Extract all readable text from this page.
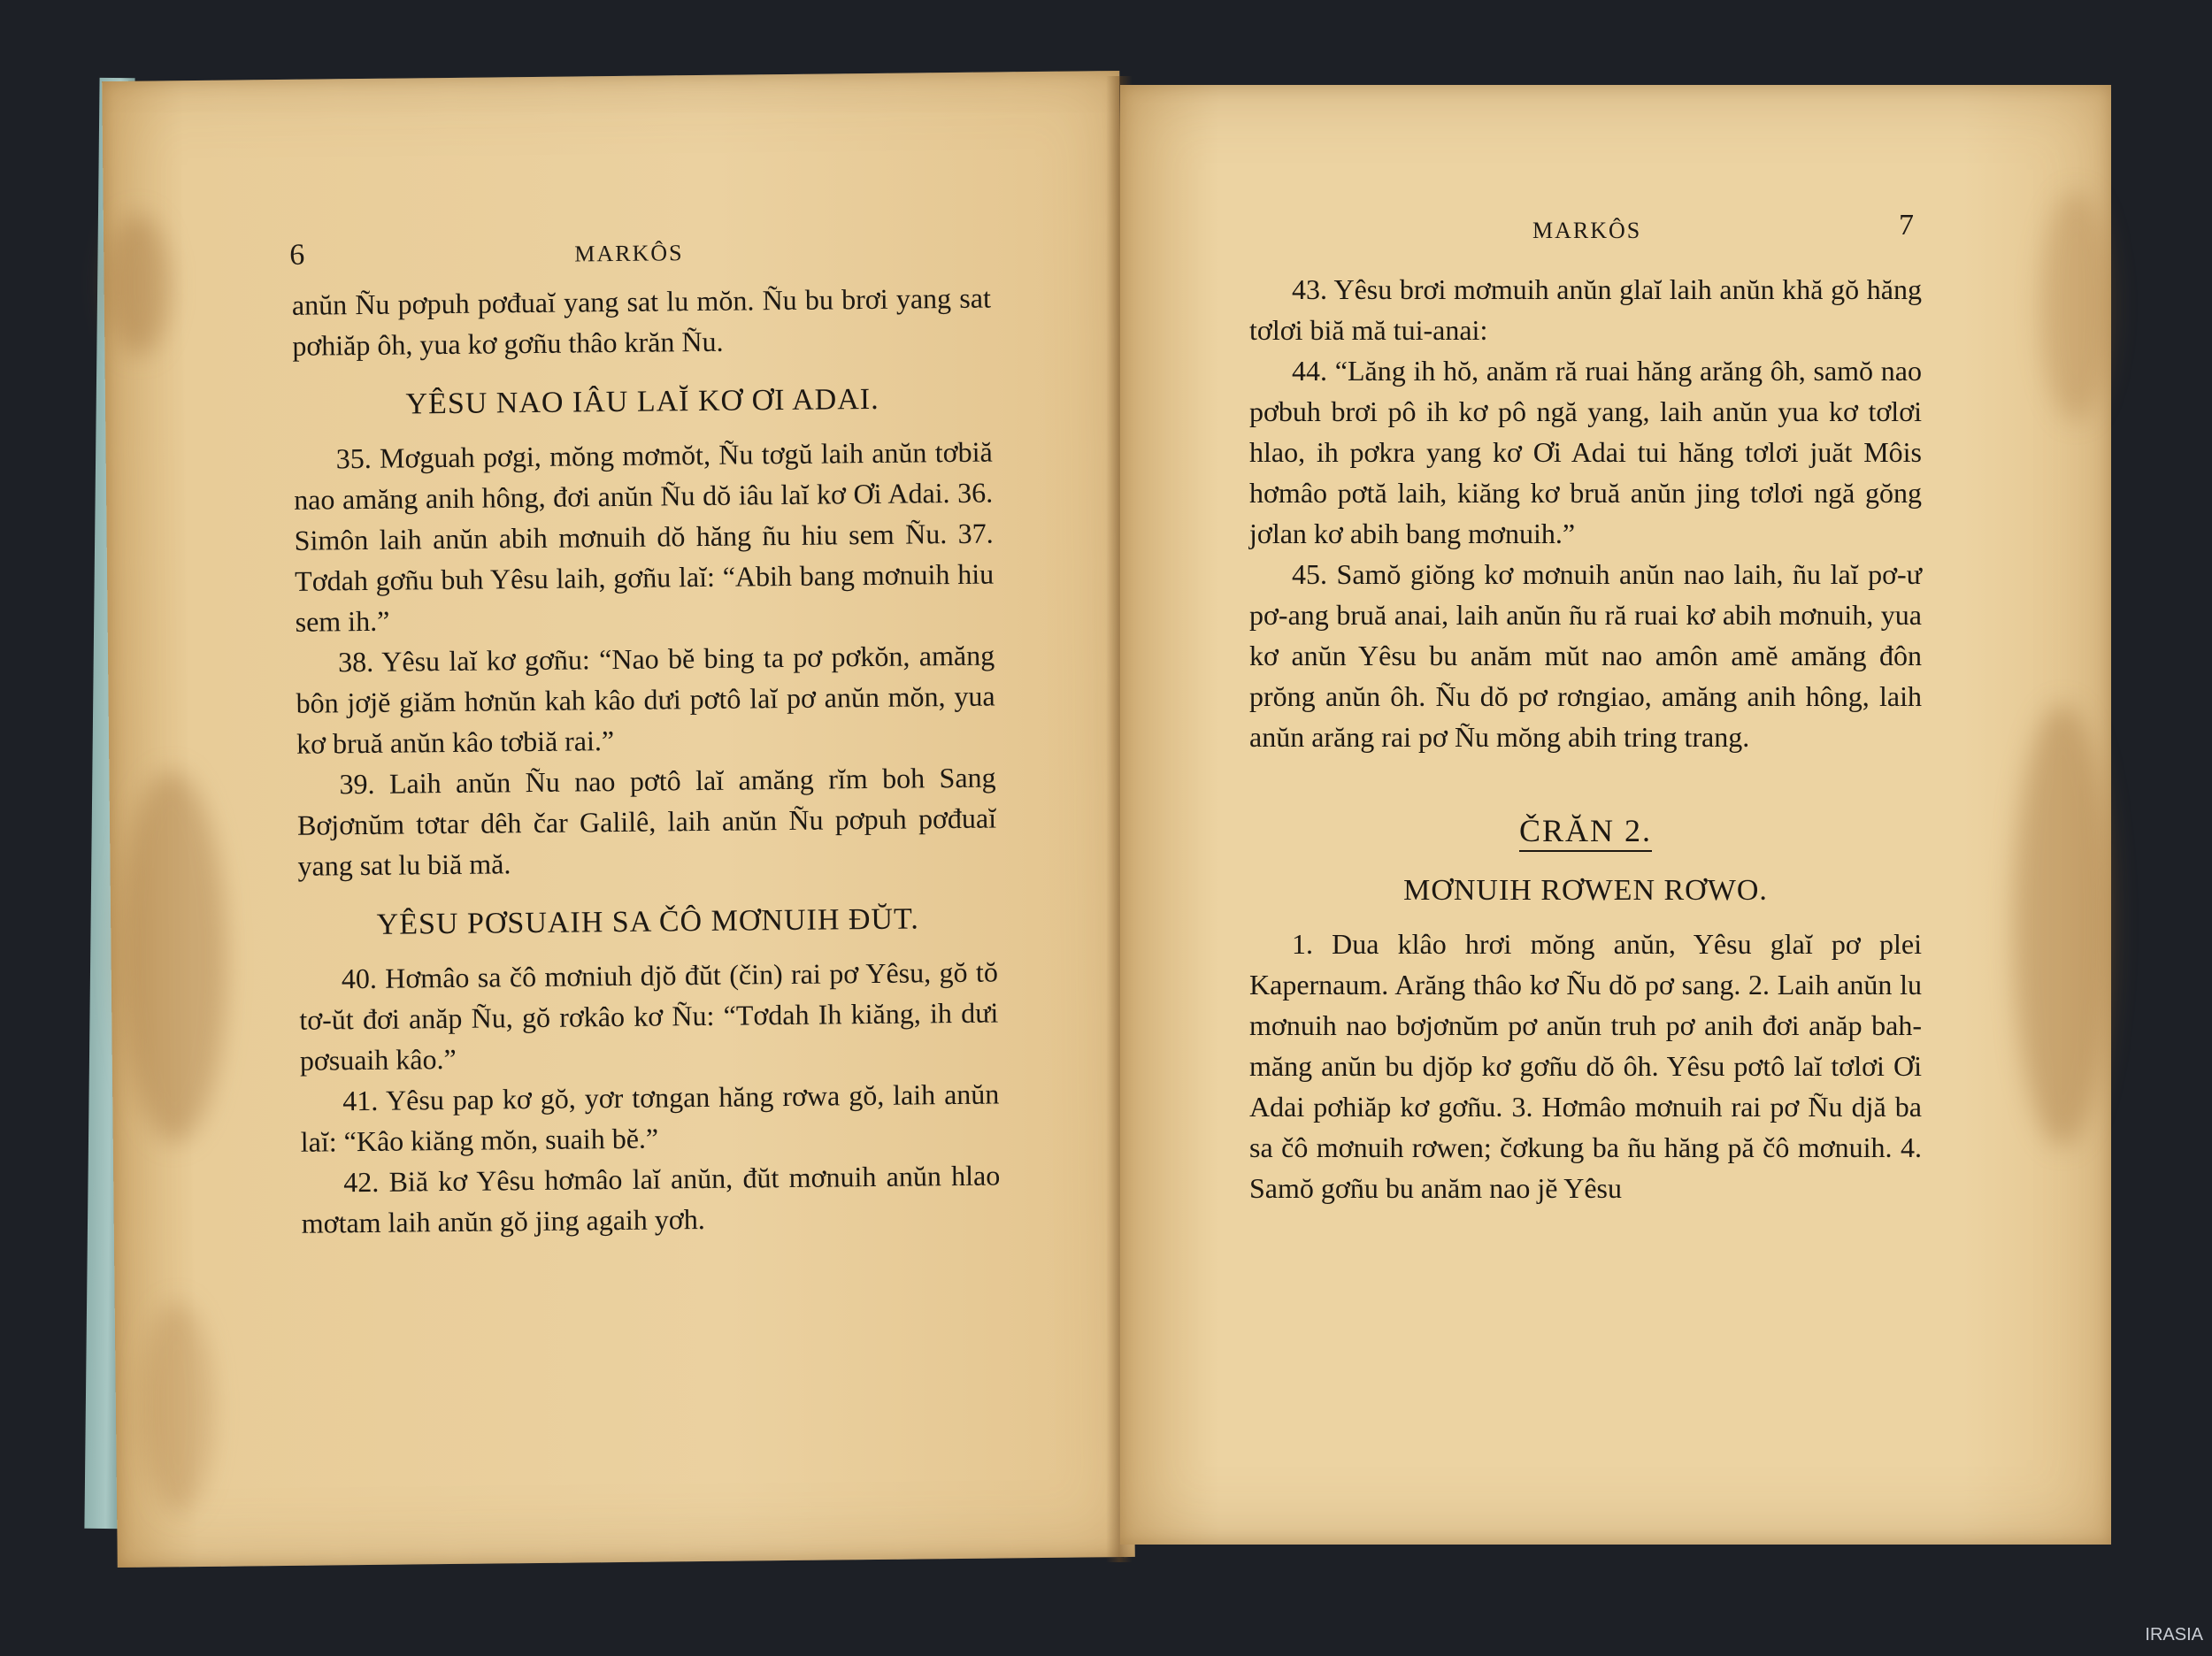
6	MARKÔS

anŭn Ñu pơpuh pơđuaĭ yang sat lu mŏn. Ñu bu brơi yang sat pơhiăp ôh, yua kơ gơñu thâo krăn Ñu.

YÊSU NAO IÂU LAĬ KƠ ƠI ADAI.

35. Mơguah pơgi, mŏng mơmŏt, Ñu tơgŭ laih anŭn tơbiă nao amăng anih hông, đơi anŭn Ñu dŏ iâu laĭ kơ Ơi Adai. 36. Simôn laih anŭn abih mơnuih dŏ hăng ñu hiu sem Ñu. 37. Tơdah gơñu buh Yêsu laih, gơñu laĭ: “Abih bang mơnuih hiu sem ih.”

38. Yêsu laĭ kơ gơñu: “Nao bĕ bing ta pơ pơkŏn, amăng bôn jơjĕ giăm hơnŭn kah kâo dưi pơtô laĭ pơ anŭn mŏn, yua kơ bruă anŭn kâo tơbiă rai.”

39. Laih anŭn Ñu nao pơtô laĭ amăng rĭm boh Sang Bơjơnŭm tơtar dêh čar Galilê, laih anŭn Ñu pơpuh pơđuaĭ yang sat lu biă mă.

YÊSU PƠSUAIH SA ČÔ MƠNUIH ĐŬT.

40. Hơmâo sa čô mơniuh djŏ đŭt (čin) rai pơ Yêsu, gŏ tŏ tơ-ŭt đơi anăp Ñu, gŏ rơkâo kơ Ñu: “Tơdah Ih kiăng, ih dưi pơsuaih kâo.”

41. Yêsu pap kơ gŏ, yơr tơngan hăng rơwa gŏ, laih anŭn laĭ: “Kâo kiăng mŏn, suaih bĕ.”

42. Biă kơ Yêsu hơmâo laĭ anŭn, đŭt mơnuih anŭn hlao mơtam laih anŭn gŏ jing agaih yơh.

MARKÔS	7

43. Yêsu brơi mơmuih anŭn glaĭ laih anŭn khă gŏ hăng tơlơi biă mă tui-anai:

44. “Lăng ih hŏ, anăm ră ruai hăng arăng ôh, samŏ nao pơbuh brơi pô ih kơ pô ngă yang, laih anŭn yua kơ tơlơi hlao, ih pơkra yang kơ Ơi Adai tui hăng tơlơi juăt Môis hơmâo pơtă laih, kiăng kơ bruă anŭn jing tơlơi ngă gŏng jơlan kơ abih bang mơnuih.”

45. Samŏ giŏng kơ mơnuih anŭn nao laih, ñu laĭ pơ-ư pơ-ang bruă anai, laih anŭn ñu ră ruai kơ abih mơnuih, yua kơ anŭn Yêsu bu anăm mŭt nao amôn amĕ amăng đôn prŏng anŭn ôh. Ñu dŏ pơ rơngiao, amăng anih hông, laih anŭn arăng rai pơ Ñu mŏng abih tring trang.

ČRĂN 2.
MƠNUIH RƠWEN RƠWO.

1. Dua klâo hrơi mŏng anŭn, Yêsu glaĭ pơ plei Kapernaum. Arăng thâo kơ Ñu dŏ pơ sang. 2. Laih anŭn lu mơnuih nao bơjơnŭm pơ anŭn truh pơ anih đơi anăp bah-măng anŭn bu djŏp kơ gơñu dŏ ôh. Yêsu pơtô laĭ tơlơi Ơi Adai pơhiăp kơ gơñu. 3. Hơmâo mơnuih rai pơ Ñu djă ba sa čô mơnuih rơwen; čơkung ba ñu hăng pă čô mơnuih. 4. Samŏ gơñu bu anăm nao jĕ Yêsu

IRASIA
